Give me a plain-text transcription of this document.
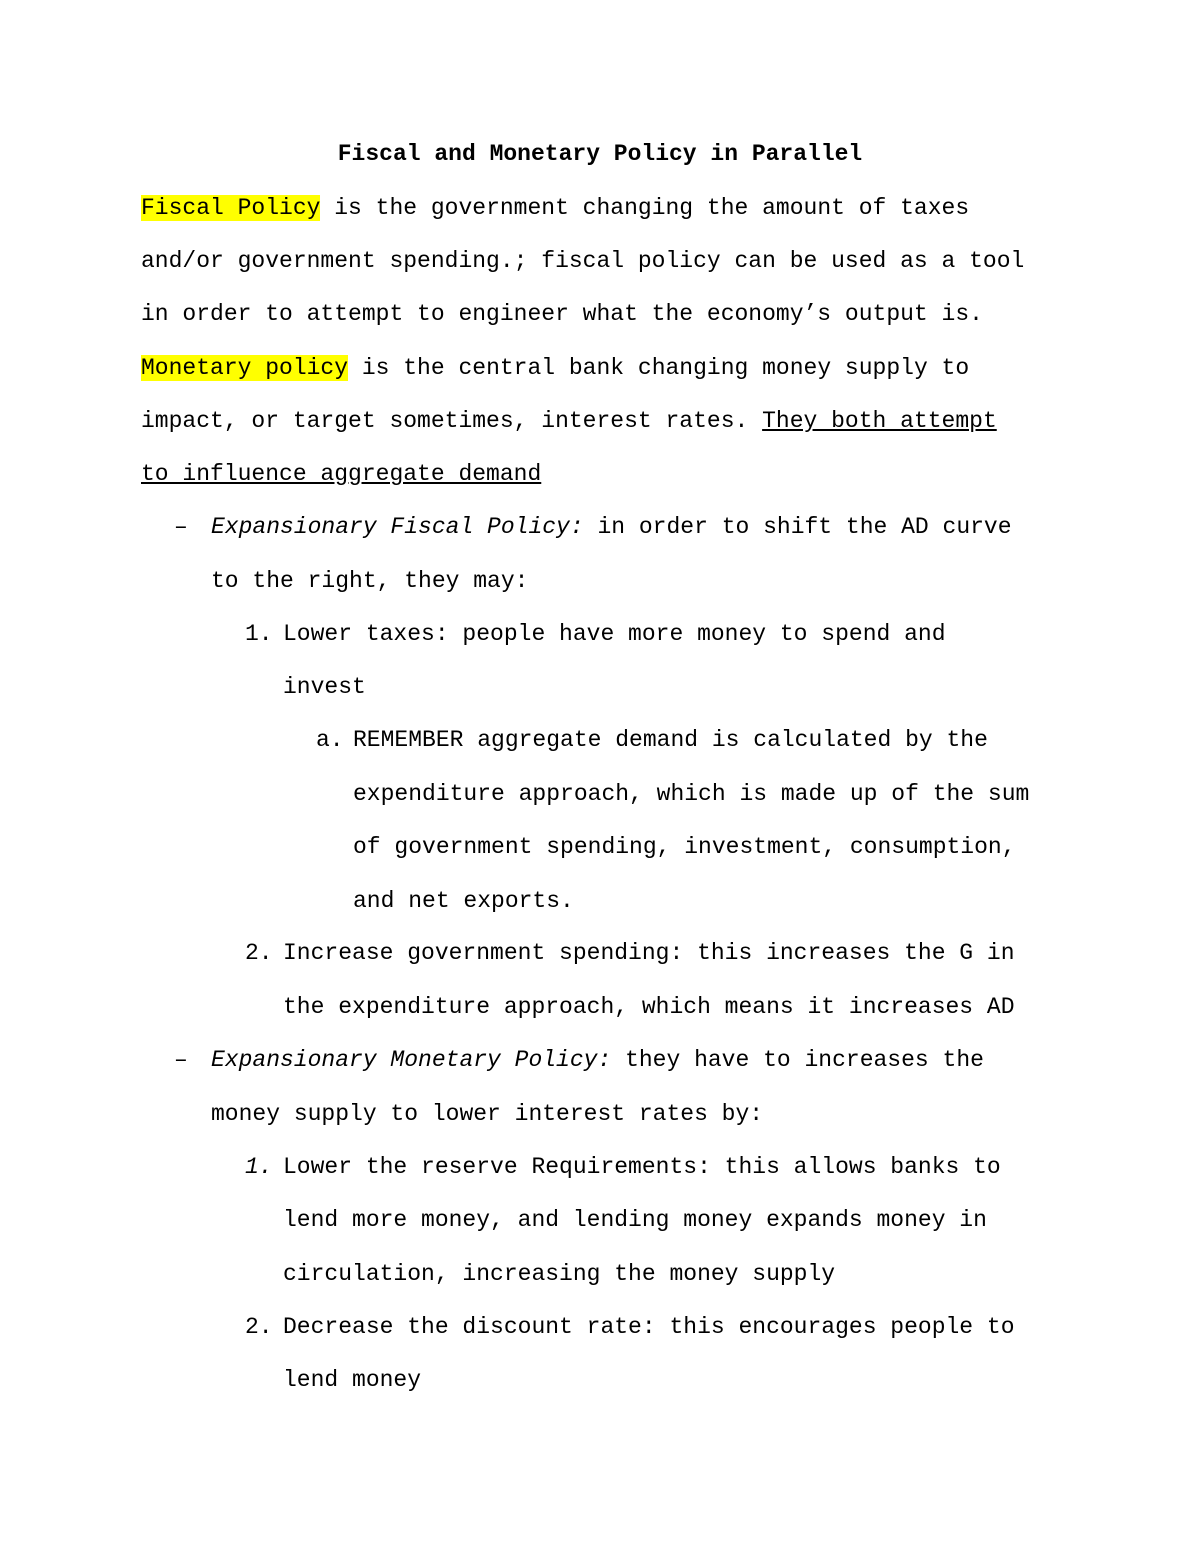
Fiscal and Monetary Policy in Parallel
Fiscal Policy is the government changing the amount of taxes
and/or government spending.; fiscal policy can be used as a tool
in order to attempt to engineer what the economy’s output is.
Monetary policy is the central bank changing money supply to
impact, or target sometimes, interest rates. They both attempt
to influence aggregate demand
– Expansionary Fiscal Policy: in order to shift the AD curve
to the right, they may:
1. Lower taxes: people have more money to spend and
invest
a. REMEMBER aggregate demand is calculated by the
expenditure approach, which is made up of the sum
of government spending, investment, consumption,
and net exports.
2. Increase government spending: this increases the G in
the expenditure approach, which means it increases AD
– Expansionary Monetary Policy: they have to increases the
money supply to lower interest rates by:
1. Lower the reserve Requirements: this allows banks to
lend more money, and lending money expands money in
circulation, increasing the money supply
2. Decrease the discount rate: this encourages people to
lend money
